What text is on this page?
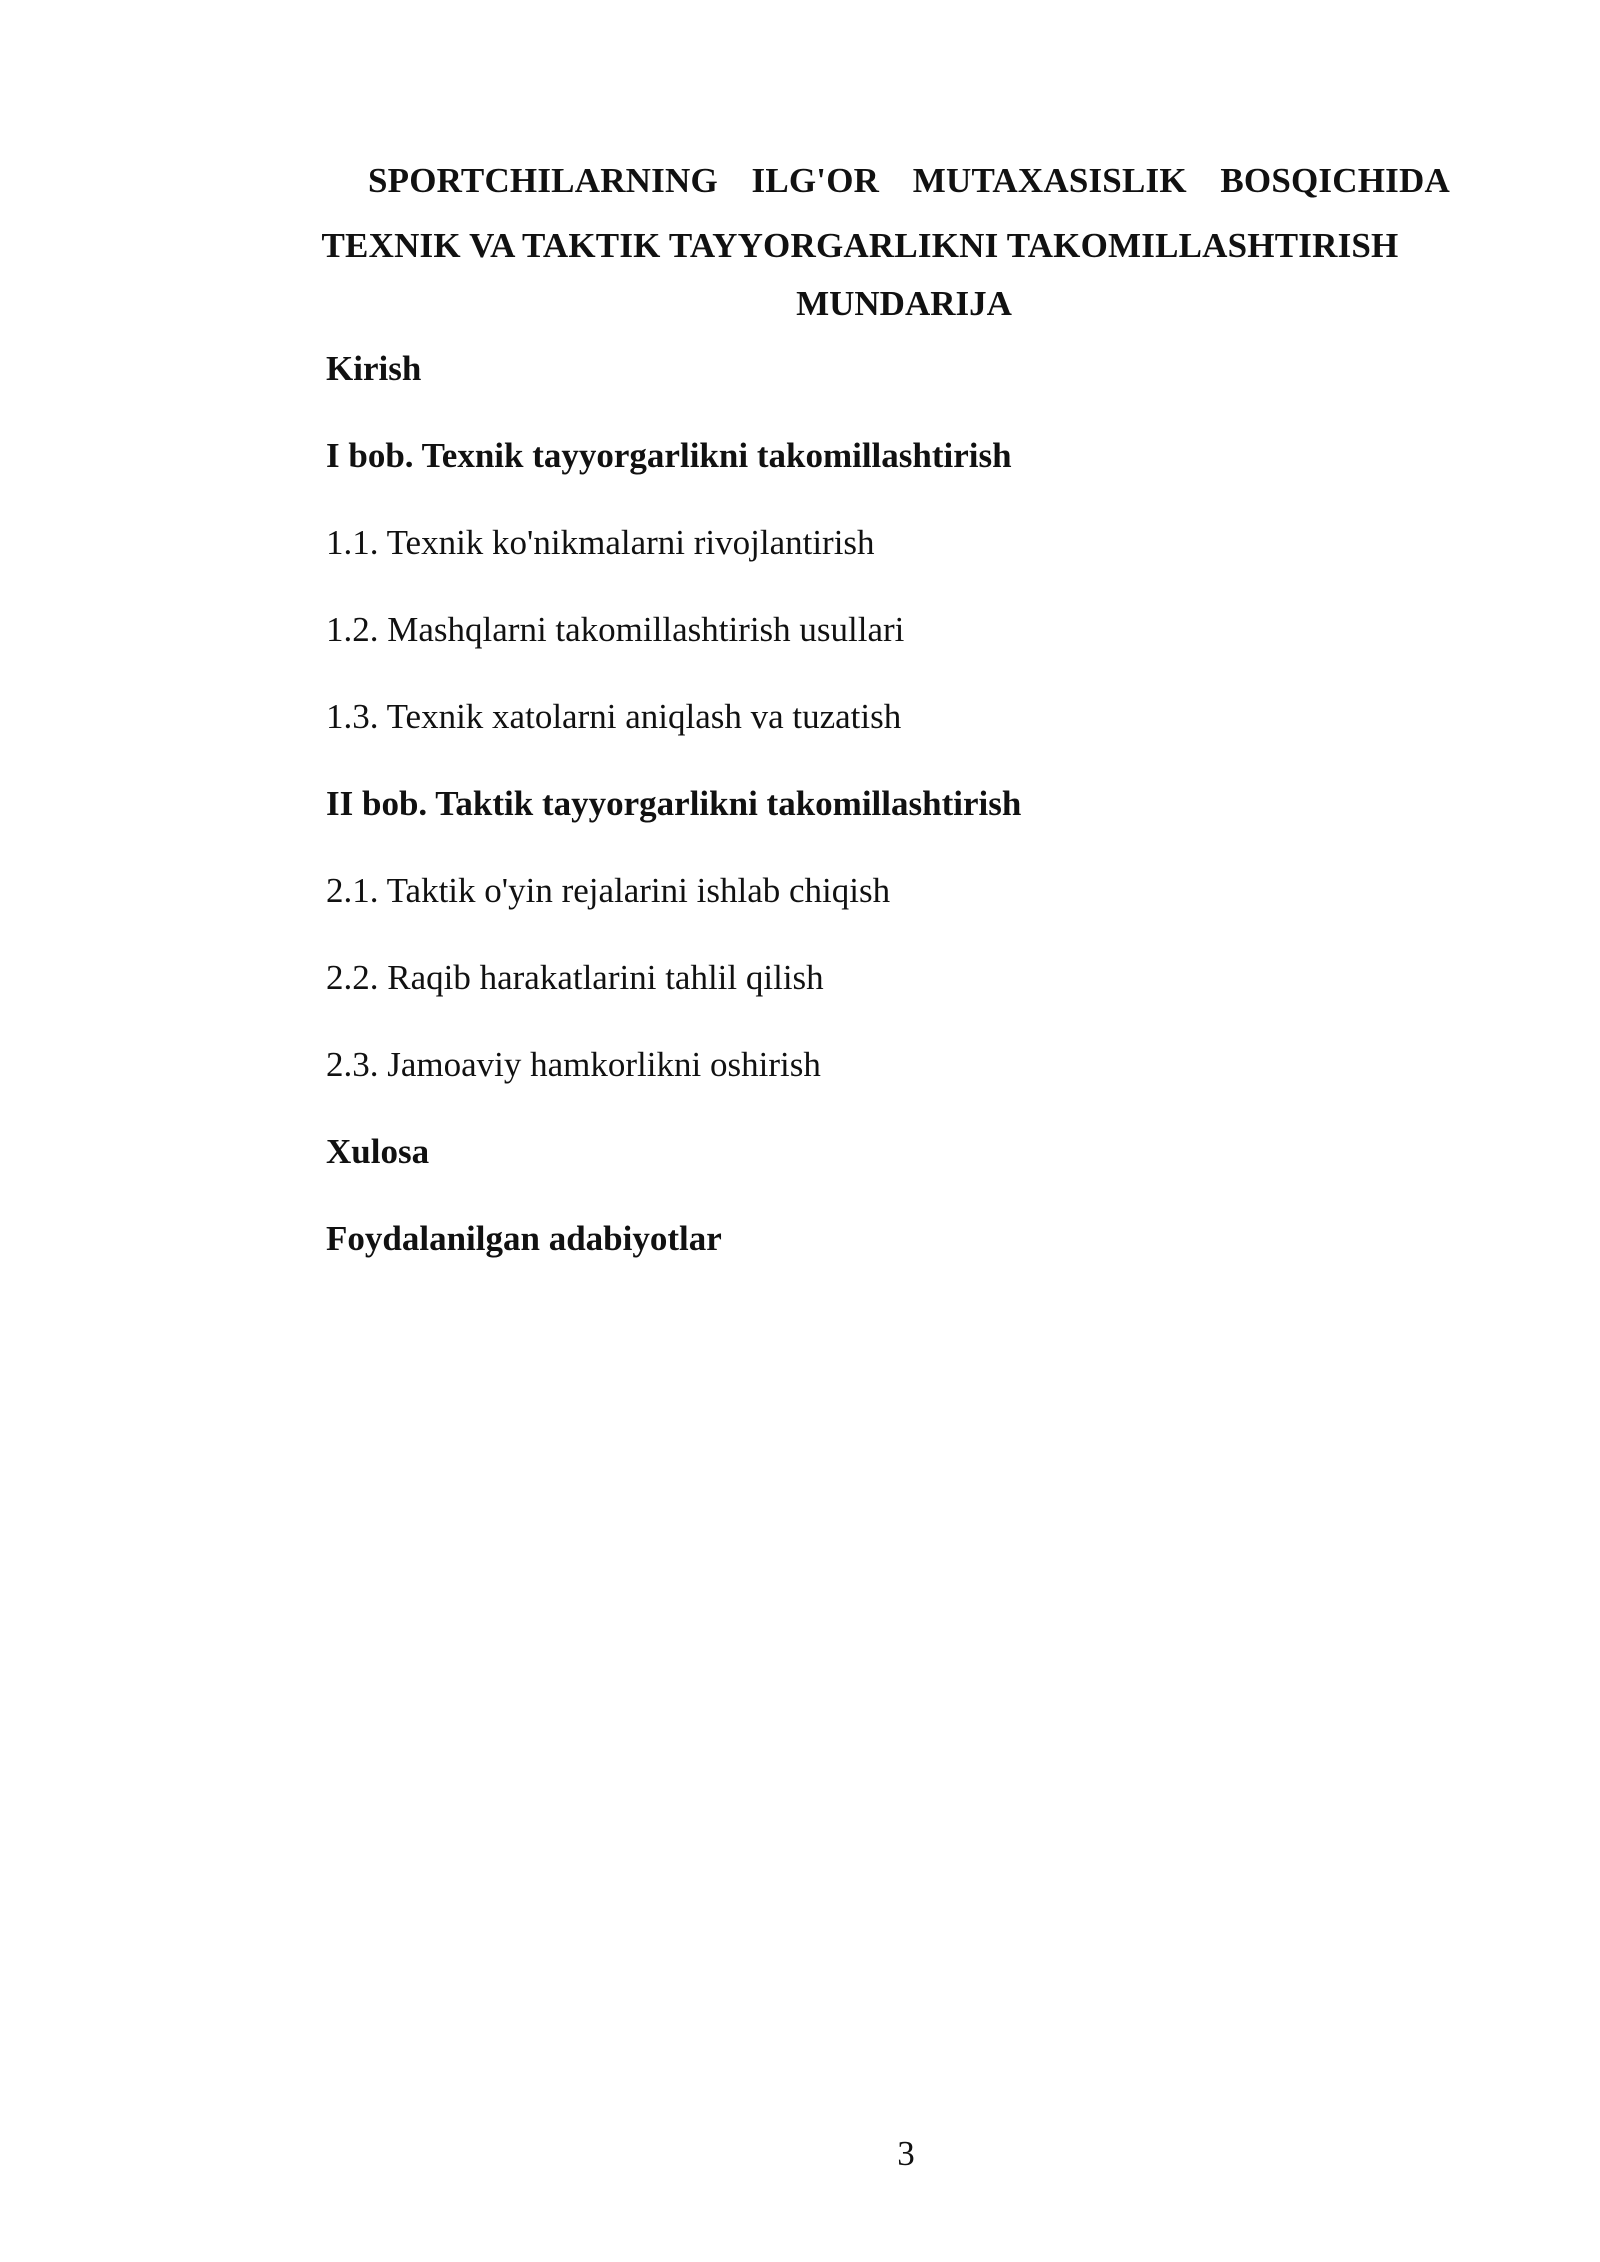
SPORTCHILARNING ILG'OR MUTAXASISLIK BOSQICHIDA TEXNIK VA TAKTIK TAYYORGARLIKNI TAKOMILLASHTIRISH

MUNDARIJA

Kirish
I bob. Texnik tayyorgarlikni takomillashtirish
1.1. Texnik ko'nikmalarni rivojlantirish
1.2. Mashqlarni takomillashtirish usullari
1.3. Texnik xatolarni aniqlash va tuzatish
II bob. Taktik tayyorgarlikni takomillashtirish
2.1. Taktik o'yin rejalarini ishlab chiqish
2.2. Raqib harakatlarini tahlil qilish
2.3. Jamoaviy hamkorlikni oshirish
Xulosa
Foydalanilgan adabiyotlar
3
